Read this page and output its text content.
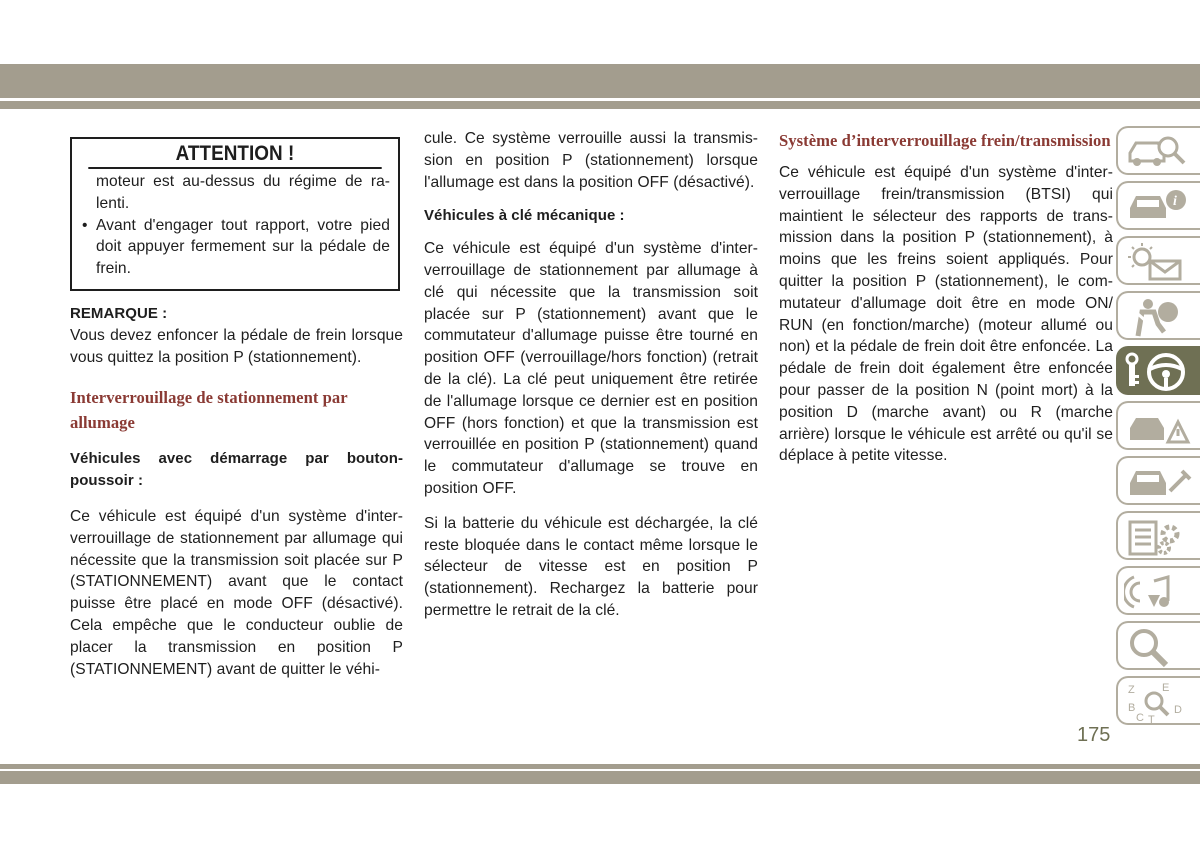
ATTENTION !
moteur est au-dessus du régime de ralenti.
• Avant d'engager tout rapport, votre pied doit appuyer fermement sur la pédale de frein.
REMARQUE :
Vous devez enfoncer la pédale de frein lorsque vous quittez la position P (stationnement).
Interverrouillage de stationnement par allumage
Véhicules avec démarrage par bouton-poussoir :
Ce véhicule est équipé d'un système d'interverrouillage de stationnement par allumage qui nécessite que la transmission soit placée sur P (STATIONNEMENT) avant que le contact puisse être placé en mode OFF (désactivé). Cela empêche que le conducteur oublie de placer la transmission en position P (STATIONNEMENT) avant de quitter le véhi-
cule. Ce système verrouille aussi la transmission en position P (stationnement) lorsque l'allumage est dans la position OFF (désactivé).
Véhicules à clé mécanique :
Ce véhicule est équipé d'un système d'interverrouillage de stationnement par allumage à clé qui nécessite que la transmission soit placée sur P (stationnement) avant que le commutateur d'allumage puisse être tourné en position OFF (verrouillage/hors fonction) (retrait de la clé). La clé peut uniquement être retirée de l'allumage lorsque ce dernier est en position OFF (hors fonction) et que la transmission est verrouillée en position P (stationnement) quand le commutateur d'allumage se trouve en position OFF.
Si la batterie du véhicule est déchargée, la clé reste bloquée dans le contact même lorsque le sélecteur de vitesse est en position P (stationnement). Rechargez la batterie pour permettre le retrait de la clé.
Système d’interverrouillage frein/transmission
Ce véhicule est équipé d'un système d'interverrouillage frein/transmission (BTSI) qui maintient le sélecteur des rapports de transmission dans la position P (stationnement), à moins que les freins soient appliqués. Pour quitter la position P (stationnement), le commutateur d'allumage doit être en mode ON/ RUN (en fonction/marche) (moteur allumé ou non) et la pédale de frein doit être enfoncée. La pédale de frein doit également être enfoncée pour passer de la position N (point mort) à la position D (marche avant) ou R (marche arrière) lorsque le véhicule est arrêté ou qu'il se déplace à petite vitesse.
i
Z E
B
C T
D
175
